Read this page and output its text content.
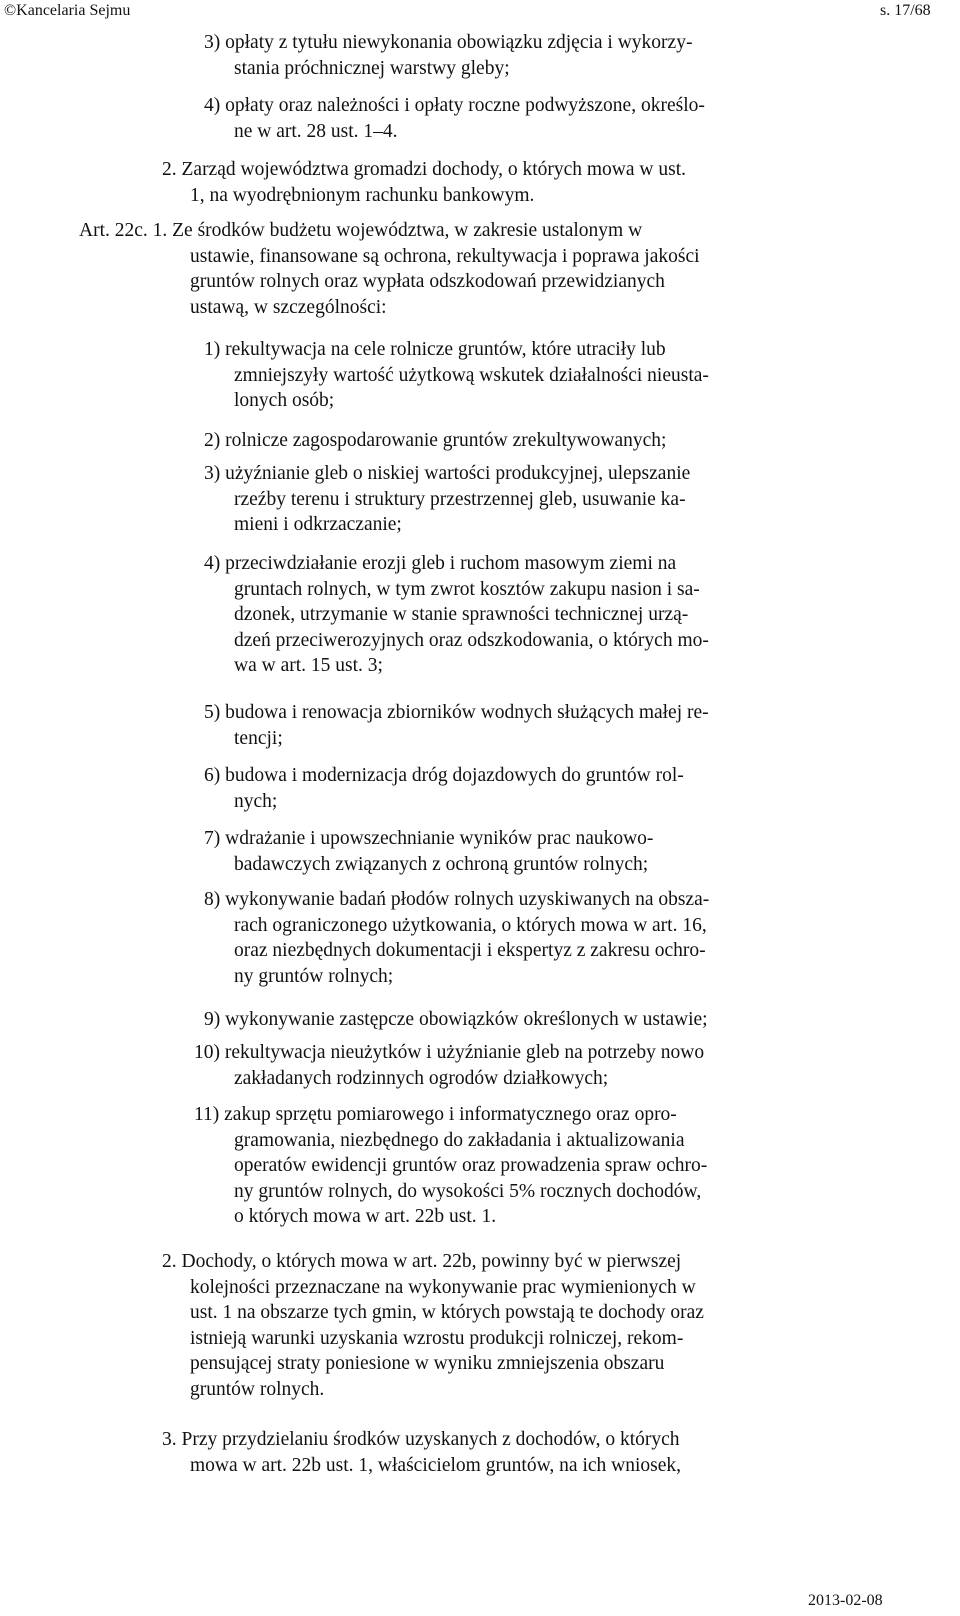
©Kancelaria Sejmu	s. 17/68
3) opłaty z tytułu niewykonania obowiązku zdjęcia i wykorzy-
stania próchnicznej warstwy gleby;
4) opłaty oraz należności i opłaty roczne podwyższone, określo-
ne w art. 28 ust. 1–4.
2. Zarząd województwa gromadzi dochody, o których mowa w ust.
1, na wyodrębnionym rachunku bankowym.
Art. 22c. 1. Ze środków budżetu województwa, w zakresie ustalonym w
ustawie, finansowane są ochrona, rekultywacja i poprawa jakości
gruntów rolnych oraz wypłata odszkodowań przewidzianych
ustawą, w szczególności:
1) rekultywacja na cele rolnicze gruntów, które utraciły lub
zmniejszyły wartość użytkową wskutek działalności nieusta-
lonych osób;
2) rolnicze zagospodarowanie gruntów zrekultywowanych;
3) użyźnianie gleb o niskiej wartości produkcyjnej, ulepszanie
rzeźby terenu i struktury przestrzennej gleb, usuwanie ka-
mieni i odkrzaczanie;
4) przeciwdziałanie erozji gleb i ruchom masowym ziemi na
gruntach rolnych, w tym zwrot kosztów zakupu nasion i sa-
dzonek, utrzymanie w stanie sprawności technicznej urzą-
dzeń przeciwerozyjnych oraz odszkodowania, o których mo-
wa w art. 15 ust. 3;
5) budowa i renowacja zbiorników wodnych służących małej re-
tencji;
6) budowa i modernizacja dróg dojazdowych do gruntów rol-
nych;
7) wdrażanie i upowszechnianie wyników prac naukowo-
badawczych związanych z ochroną gruntów rolnych;
8) wykonywanie badań płodów rolnych uzyskiwanych na obsza-
rach ograniczonego użytkowania, o których mowa w art. 16,
oraz niezbędnych dokumentacji i ekspertyz z zakresu ochro-
ny gruntów rolnych;
9) wykonywanie zastępcze obowiązków określonych w ustawie;
10) rekultywacja nieużytków i użyźnianie gleb na potrzeby nowo
zakładanych rodzinnych ogrodów działkowych;
11) zakup sprzętu pomiarowego i informatycznego oraz opro-
gramowania, niezbędnego do zakładania i aktualizowania
operatów ewidencji gruntów oraz prowadzenia spraw ochro-
ny gruntów rolnych, do wysokości 5% rocznych dochodów,
o których mowa w art. 22b ust. 1.
2. Dochody, o których mowa w art. 22b, powinny być w pierwszej
kolejności przeznaczane na wykonywanie prac wymienionych w
ust. 1 na obszarze tych gmin, w których powstają te dochody oraz
istnieją warunki uzyskania wzrostu produkcji rolniczej, rekom-
pensującej straty poniesione w wyniku zmniejszenia obszaru
gruntów rolnych.
3. Przy przydzielaniu środków uzyskanych z dochodów, o których
mowa w art. 22b ust. 1, właścicielom gruntów, na ich wniosek,
2013-02-08
